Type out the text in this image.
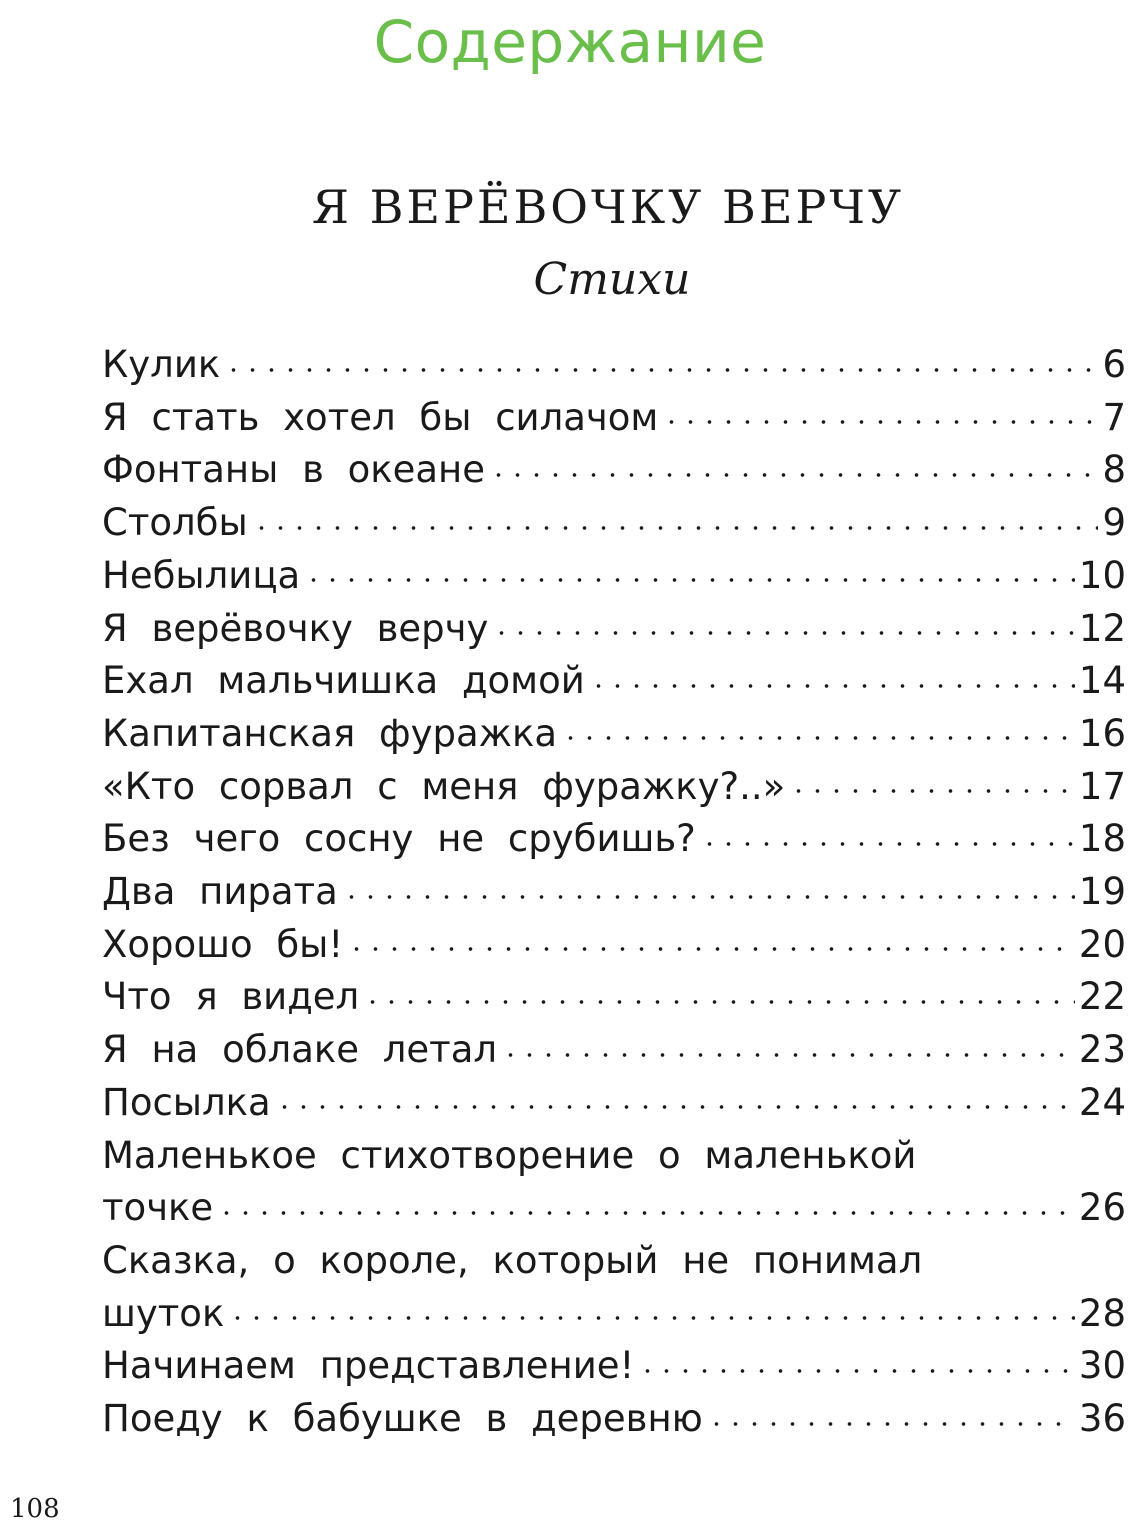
Содержание
Я ВЕРЁВОЧКУ ВЕРЧУ
Стихи
Кулик	6
Я стать хотел бы силачом	7
Фонтаны в океане	8
Столбы	9
Небылица	10
Я верёвочку верчу	12
Ехал мальчишка домой	14
Капитанская фуражка	16
«Кто сорвал с меня фуражку?..»	17
Без чего сосну не срубишь?	18
Два пирата	19
Хорошо бы!	20
Что я видел	22
Я на облаке летал	23
Посылка	24
Маленькое стихотворение о маленькой
точке	26
Сказка, о короле, который не понимал
шуток	28
Начинаем представление!	30
Поеду к бабушке в деревню	36
108
